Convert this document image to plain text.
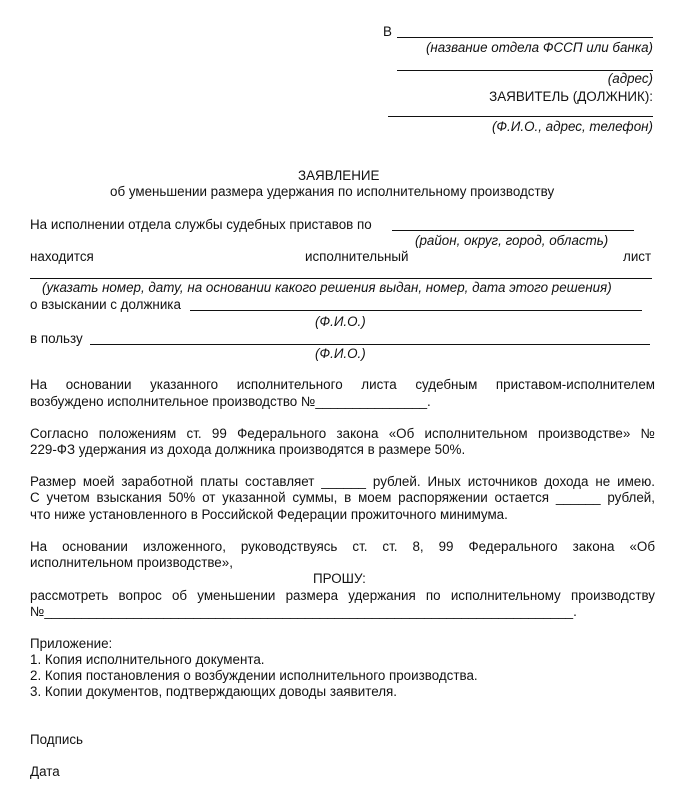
В
(название отдела ФССП или банка)
(адрес)
ЗАЯВИТЕЛЬ (ДОЛЖНИК):
(Ф.И.О., адрес, телефон)
ЗАЯВЛЕНИЕ
об уменьшении размера удержания по исполнительному производству
На исполнении отдела службы судебных приставов по
(район, округ, город, область)
находится	исполнительный	лист
(указать номер, дату, на основании какого решения выдан, номер, дата этого решения)
о взыскании с должника
(Ф.И.О.)
в пользу
(Ф.И.О.)
На основании указанного исполнительного листа судебным приставом-исполнителем
возбуждено исполнительное производство №_______________.
Согласно положениям ст. 99 Федерального закона «Об исполнительном производстве» №
229-ФЗ удержания из дохода должника производятся в размере 50%.
Размер моей заработной платы составляет ______ рублей. Иных источников дохода не имею.
С учетом взыскания 50% от указанной суммы, в моем распоряжении остается ______ рублей,
что ниже установленного в Российской Федерации прожиточного минимума.
На основании изложенного, руководствуясь ст. ст. 8, 99 Федерального закона «Об
исполнительном производстве»,
ПРОШУ:
рассмотреть вопрос об уменьшении размера удержания по исполнительному производству
№_______________________________________________________________________.
Приложение:
1. Копия исполнительного документа.
2. Копия постановления о возбуждении исполнительного производства.
3. Копии документов, подтверждающих доводы заявителя.
Подпись
Дата
